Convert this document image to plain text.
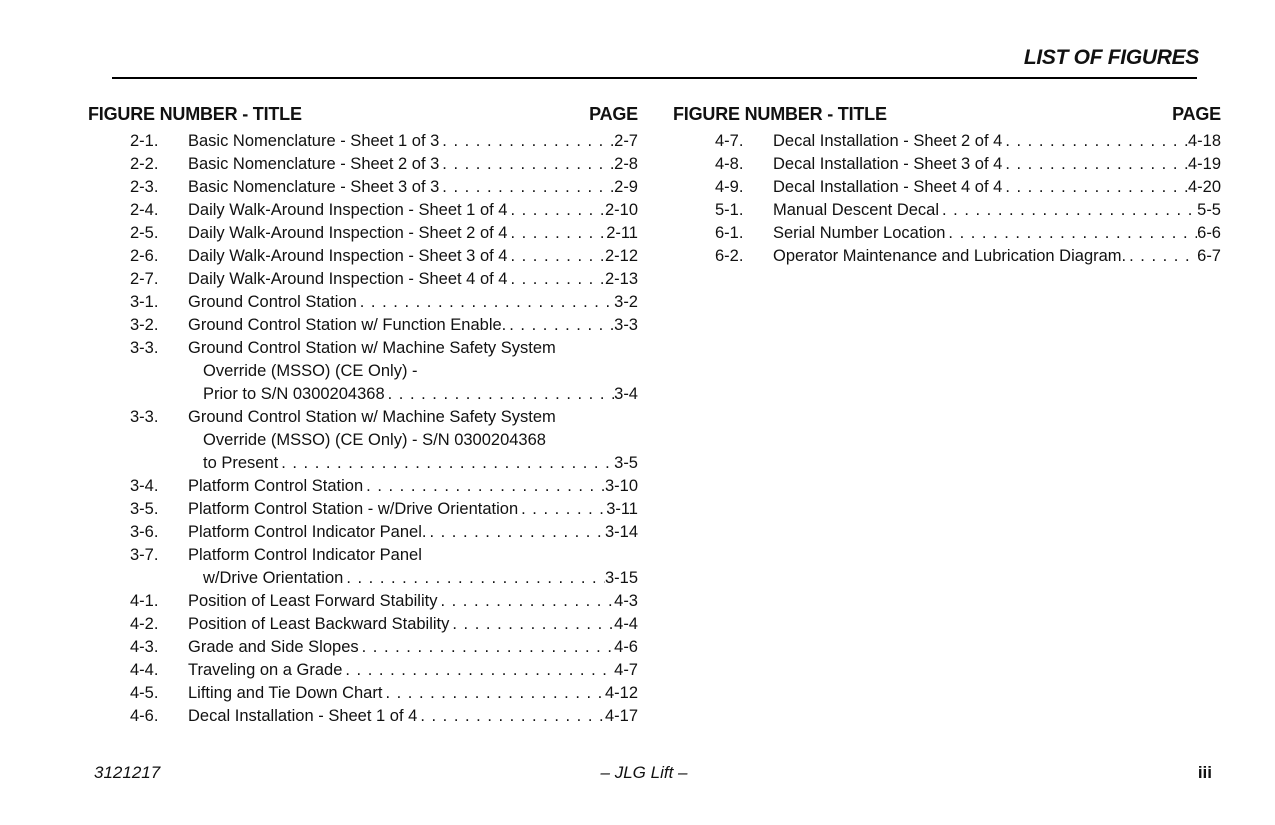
LIST OF FIGURES
FIGURE NUMBER - TITLE	PAGE
2-1.	Basic Nomenclature - Sheet 1 of 3 . . .	2-7
2-2.	Basic Nomenclature - Sheet 2 of 3 . . .	2-8
2-3.	Basic Nomenclature - Sheet 3 of 3 . . .	2-9
2-4.	Daily Walk-Around Inspection - Sheet 1 of 4 . . .	2-10
2-5.	Daily Walk-Around Inspection - Sheet 2 of 4 . . .	2-11
2-6.	Daily Walk-Around Inspection - Sheet 3 of 4 . . .	2-12
2-7.	Daily Walk-Around Inspection - Sheet 4 of 4 . . .	2-13
3-1.	Ground Control Station . . .	3-2
3-2.	Ground Control Station w/ Function Enable. . . .	3-3
3-3.	Ground Control Station w/ Machine Safety System
Override (MSSO) (CE Only) -
Prior to S/N 0300204368 . . .	3-4
3-3.	Ground Control Station w/ Machine Safety System
Override (MSSO) (CE Only) - S/N 0300204368
to Present . . .	3-5
3-4.	Platform Control Station . . .	3-10
3-5.	Platform Control Station - w/Drive Orientation . . .	3-11
3-6.	Platform Control Indicator Panel. . . .	3-14
3-7.	Platform Control Indicator Panel
w/Drive Orientation . . .	3-15
4-1.	Position of Least Forward Stability . . .	4-3
4-2.	Position of Least Backward Stability . . .	4-4
4-3.	Grade and Side Slopes . . .	4-6
4-4.	Traveling on a Grade . . .	4-7
4-5.	Lifting and Tie Down Chart . . .	4-12
4-6.	Decal Installation - Sheet 1 of 4 . . .	4-17
FIGURE NUMBER - TITLE	PAGE
4-7.	Decal Installation - Sheet 2 of 4 . . .	4-18
4-8.	Decal Installation - Sheet 3 of 4 . . .	4-19
4-9.	Decal Installation - Sheet 4 of 4 . . .	4-20
5-1.	Manual Descent Decal . . .	5-5
6-1.	Serial Number Location . . .	6-6
6-2.	Operator Maintenance and Lubrication Diagram. . . .	6-7
3121217	– JLG Lift –	iii
